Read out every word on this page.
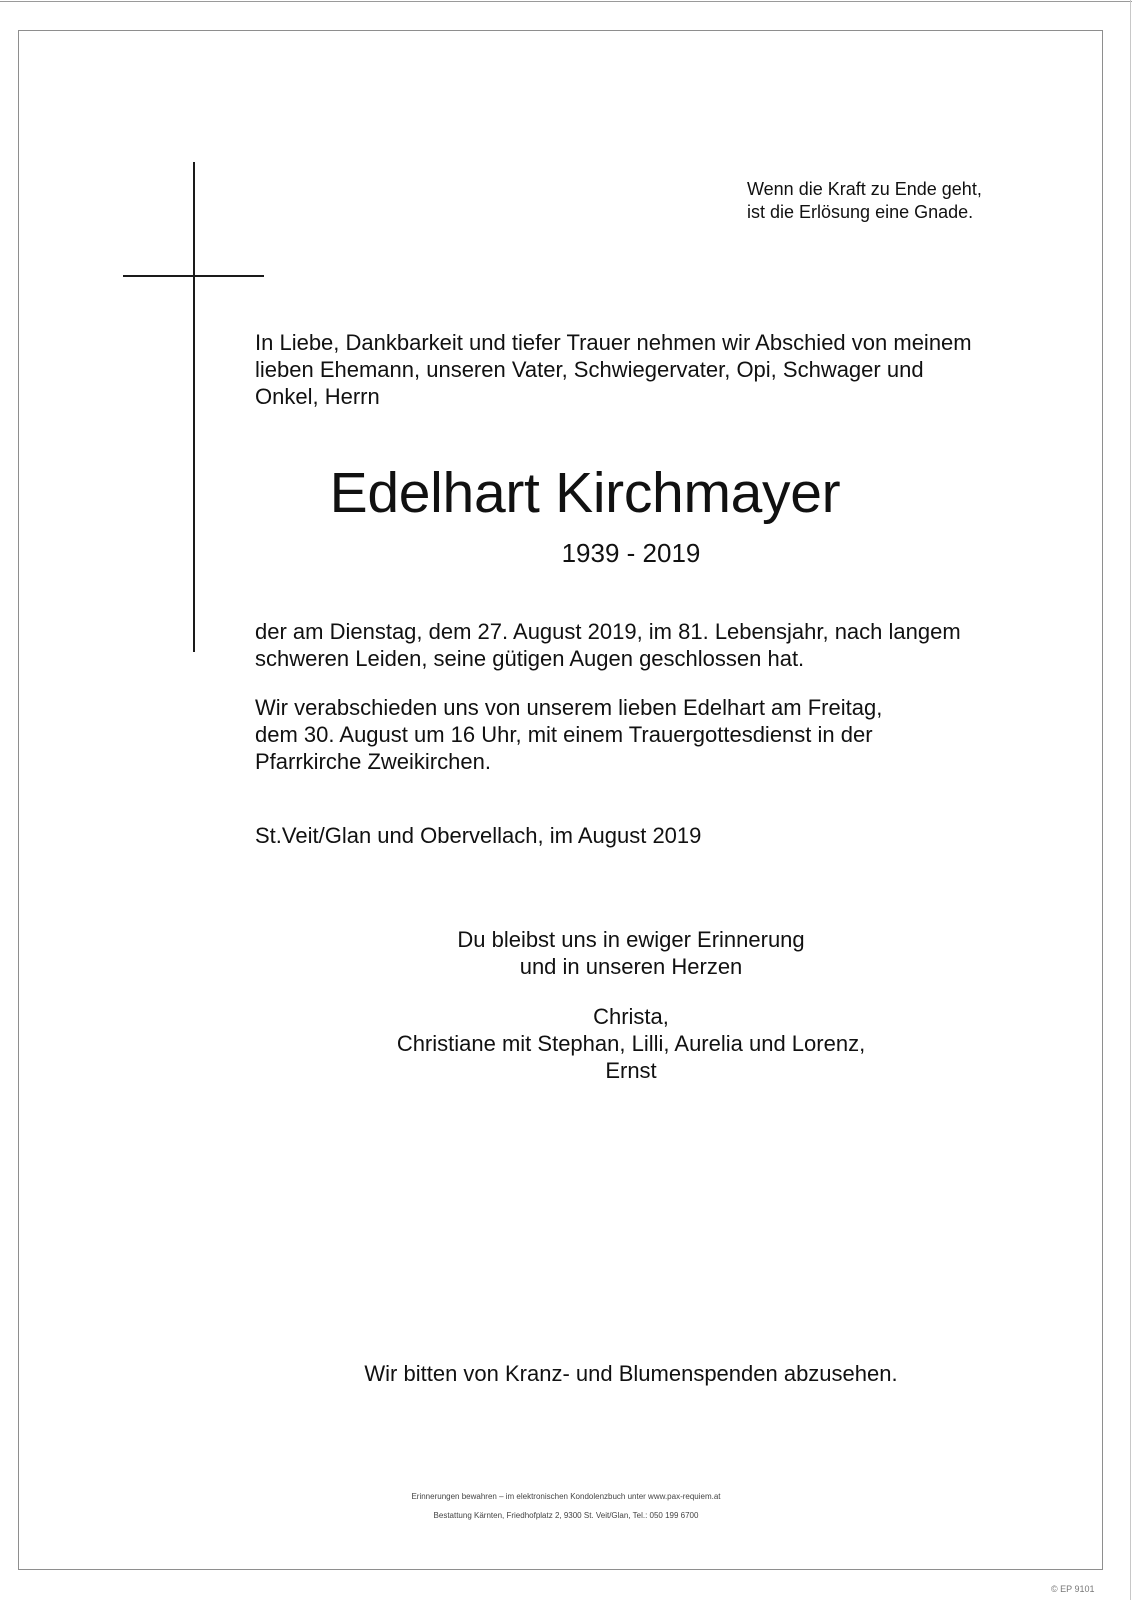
Wenn die Kraft zu Ende geht,
ist die Erlösung eine Gnade.

In Liebe, Dankbarkeit und tiefer Trauer nehmen wir Abschied von meinem
lieben Ehemann, unseren Vater, Schwiegervater, Opi, Schwager und
Onkel, Herrn

Edelhart Kirchmayer

1939 - 2019

der am Dienstag, dem 27. August 2019, im 81. Lebensjahr, nach langem
schweren Leiden, seine gütigen Augen geschlossen hat.

Wir verabschieden uns von unserem lieben Edelhart am Freitag,
dem 30. August um 16 Uhr, mit einem Trauergottesdienst in der
Pfarrkirche Zweikirchen.

St.Veit/Glan und Obervellach, im August 2019

Du bleibst uns in ewiger Erinnerung
und in unseren Herzen

Christa,
Christiane mit Stephan, Lilli, Aurelia und Lorenz,
Ernst

Wir bitten von Kranz- und Blumenspenden abzusehen.

Erinnerungen bewahren – im elektronischen Kondolenzbuch unter www.pax-requiem.at
Bestattung Kärnten, Friedhofplatz 2, 9300 St. Veit/Glan, Tel.: 050 199 6700

© EP 9101
